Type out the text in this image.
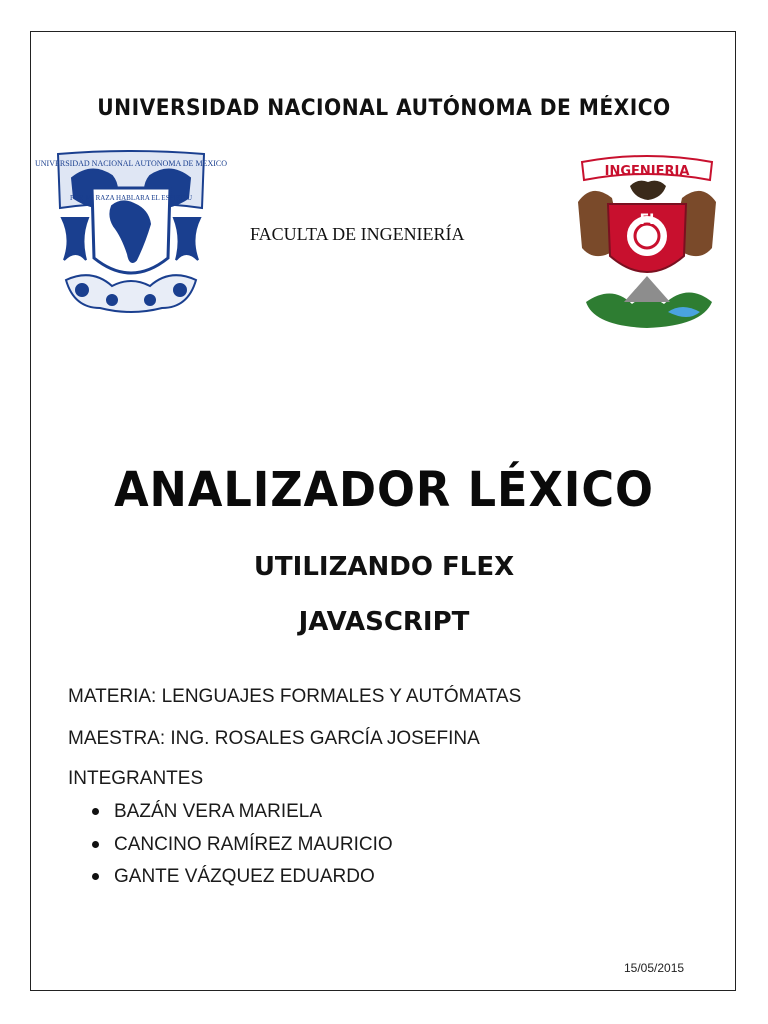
UNIVERSIDAD NACIONAL AUTÓNOMA DE MÉXICO
UNIVERSIDAD NACIONAL AUTONOMA DE MEXICO
POR MI RAZA HABLARA EL ESPIRITU
FACULTA DE INGENIERÍA
INGENIERIA
FI
ANALIZADOR LÉXICO
UTILIZANDO FLEX
JAVASCRIPT
MATERIA: LENGUAJES FORMALES Y AUTÓMATAS
MAESTRA: ING. ROSALES GARCÍA JOSEFINA
INTEGRANTES
BAZÁN VERA MARIELA
CANCINO RAMÍREZ MAURICIO
GANTE VÁZQUEZ EDUARDO
15/05/2015
